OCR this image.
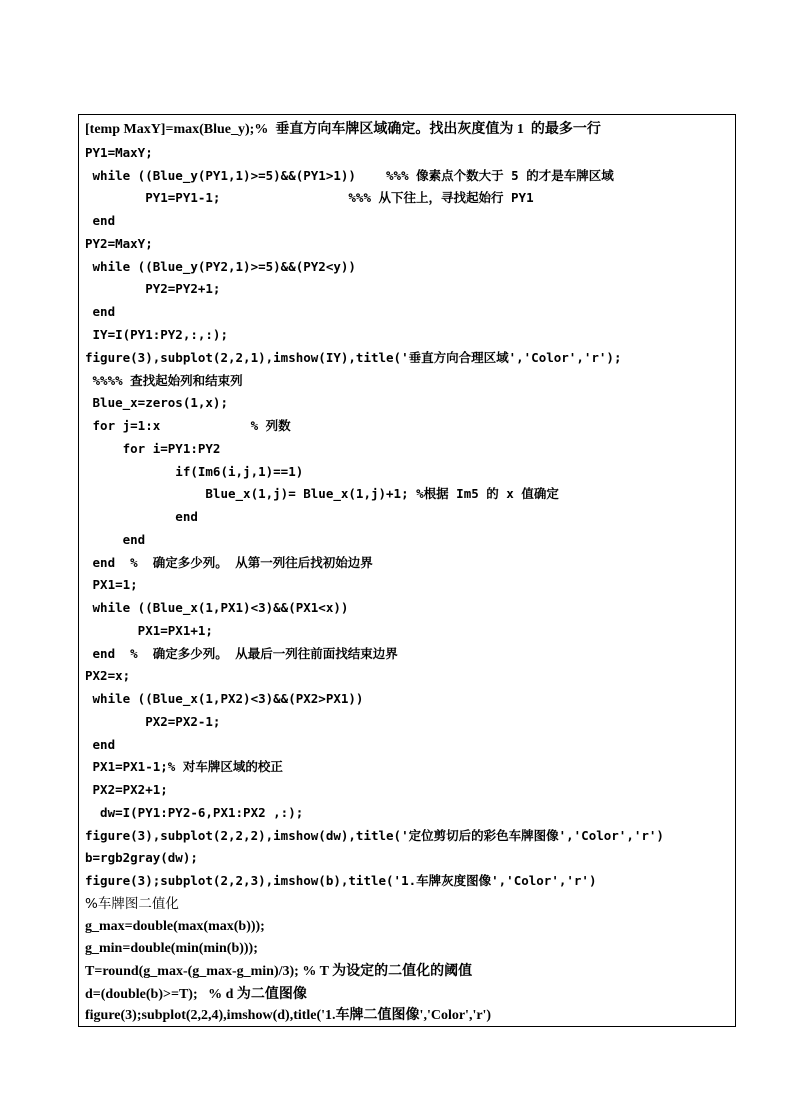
[temp MaxY]=max(Blue_y);%  垂直方向车牌区域确定。找出灰度值为 1  的最多一行
PY1=MaxY;
while ((Blue_y(PY1,1)>=5)&&(PY1>1))    %%% 像素点个数大于 5 的才是车牌区域
PY1=PY1-1;                 %%% 从下往上，寻找起始行 PY1
end
PY2=MaxY;
while ((Blue_y(PY2,1)>=5)&&(PY2<y))
PY2=PY2+1;
end
IY=I(PY1:PY2,:,:);
figure(3),subplot(2,2,1),imshow(IY),title('垂直方向合理区域','Color','r');
%%%% 查找起始列和结束列
Blue_x=zeros(1,x);
for j=1:x            % 列数
for i=PY1:PY2
if(Im6(i,j,1)==1)
Blue_x(1,j)= Blue_x(1,j)+1; %根据 Im5 的 x 值确定
end
end
end  %  确定多少列。 从第一列往后找初始边界
PX1=1;
while ((Blue_x(1,PX1)<3)&&(PX1<x))
PX1=PX1+1;
end  %  确定多少列。 从最后一列往前面找结束边界
PX2=x;
while ((Blue_x(1,PX2)<3)&&(PX2>PX1))
PX2=PX2-1;
end
PX1=PX1-1;% 对车牌区域的校正
PX2=PX2+1;
dw=I(PY1:PY2-6,PX1:PX2 ,:);
figure(3),subplot(2,2,2),imshow(dw),title('定位剪切后的彩色车牌图像','Color','r')
b=rgb2gray(dw);
figure(3);subplot(2,2,3),imshow(b),title('1.车牌灰度图像','Color','r')
%车牌图二值化
g_max=double(max(max(b)));
g_min=double(min(min(b)));
T=round(g_max-(g_max-g_min)/3); % T 为设定的二值化的阈值
d=(double(b)>=T);   % d 为二值图像
figure(3);subplot(2,2,4),imshow(d),title('1.车牌二值图像','Color','r')
